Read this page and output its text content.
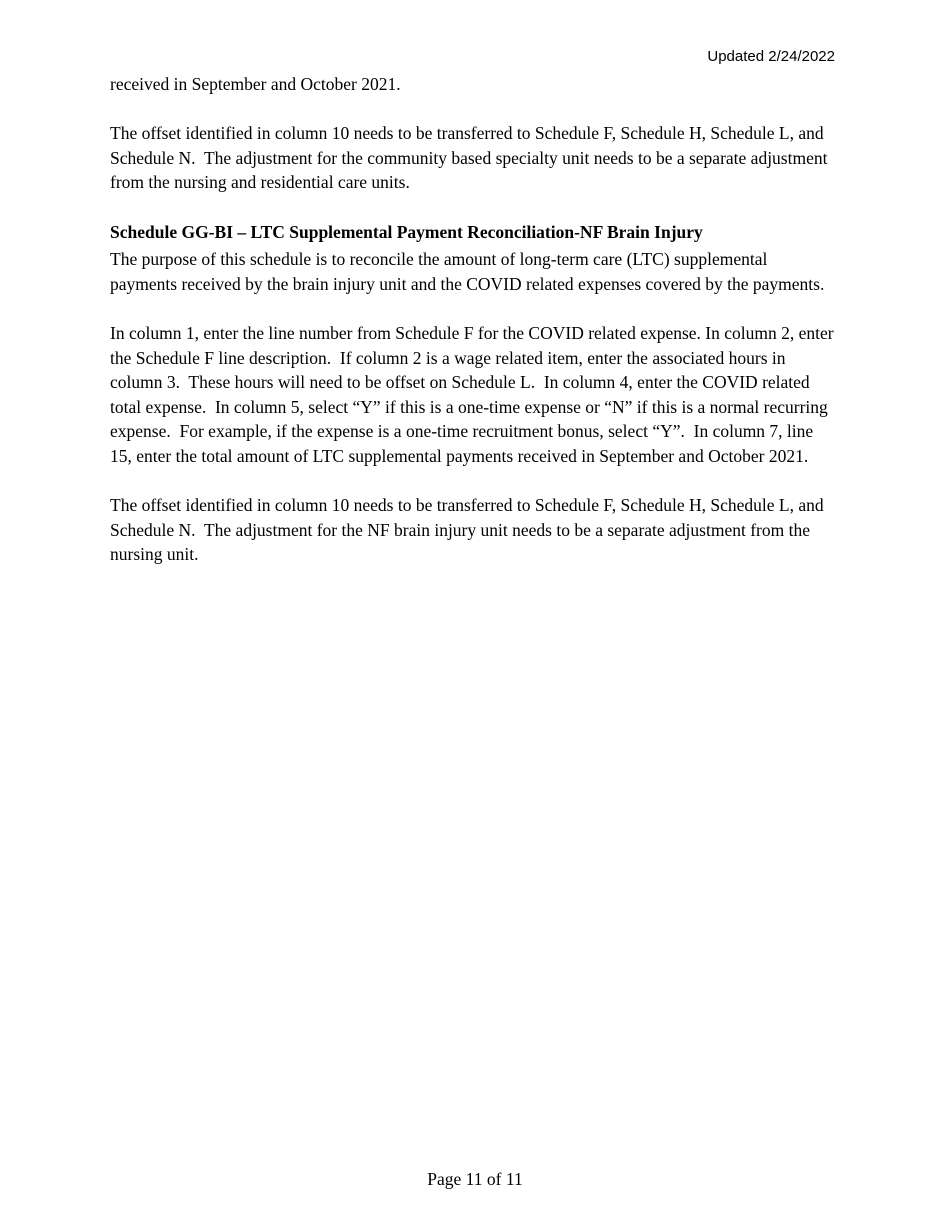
Updated 2/24/2022

received in September and October 2021.

The offset identified in column 10 needs to be transferred to Schedule F, Schedule H, Schedule L, and Schedule N.  The adjustment for the community based specialty unit needs to be a separate adjustment from the nursing and residential care units.

Schedule GG-BI – LTC Supplemental Payment Reconciliation-NF Brain Injury

The purpose of this schedule is to reconcile the amount of long-term care (LTC) supplemental payments received by the brain injury unit and the COVID related expenses covered by the payments.

In column 1, enter the line number from Schedule F for the COVID related expense. In column 2, enter the Schedule F line description.  If column 2 is a wage related item, enter the associated hours in column 3.  These hours will need to be offset on Schedule L.  In column 4, enter the COVID related total expense.  In column 5, select “Y” if this is a one-time expense or “N” if this is a normal recurring expense.  For example, if the expense is a one-time recruitment bonus, select “Y”.  In column 7, line 15, enter the total amount of LTC supplemental payments received in September and October 2021.

The offset identified in column 10 needs to be transferred to Schedule F, Schedule H, Schedule L, and Schedule N.  The adjustment for the NF brain injury unit needs to be a separate adjustment from the nursing unit.

Page 11 of 11
